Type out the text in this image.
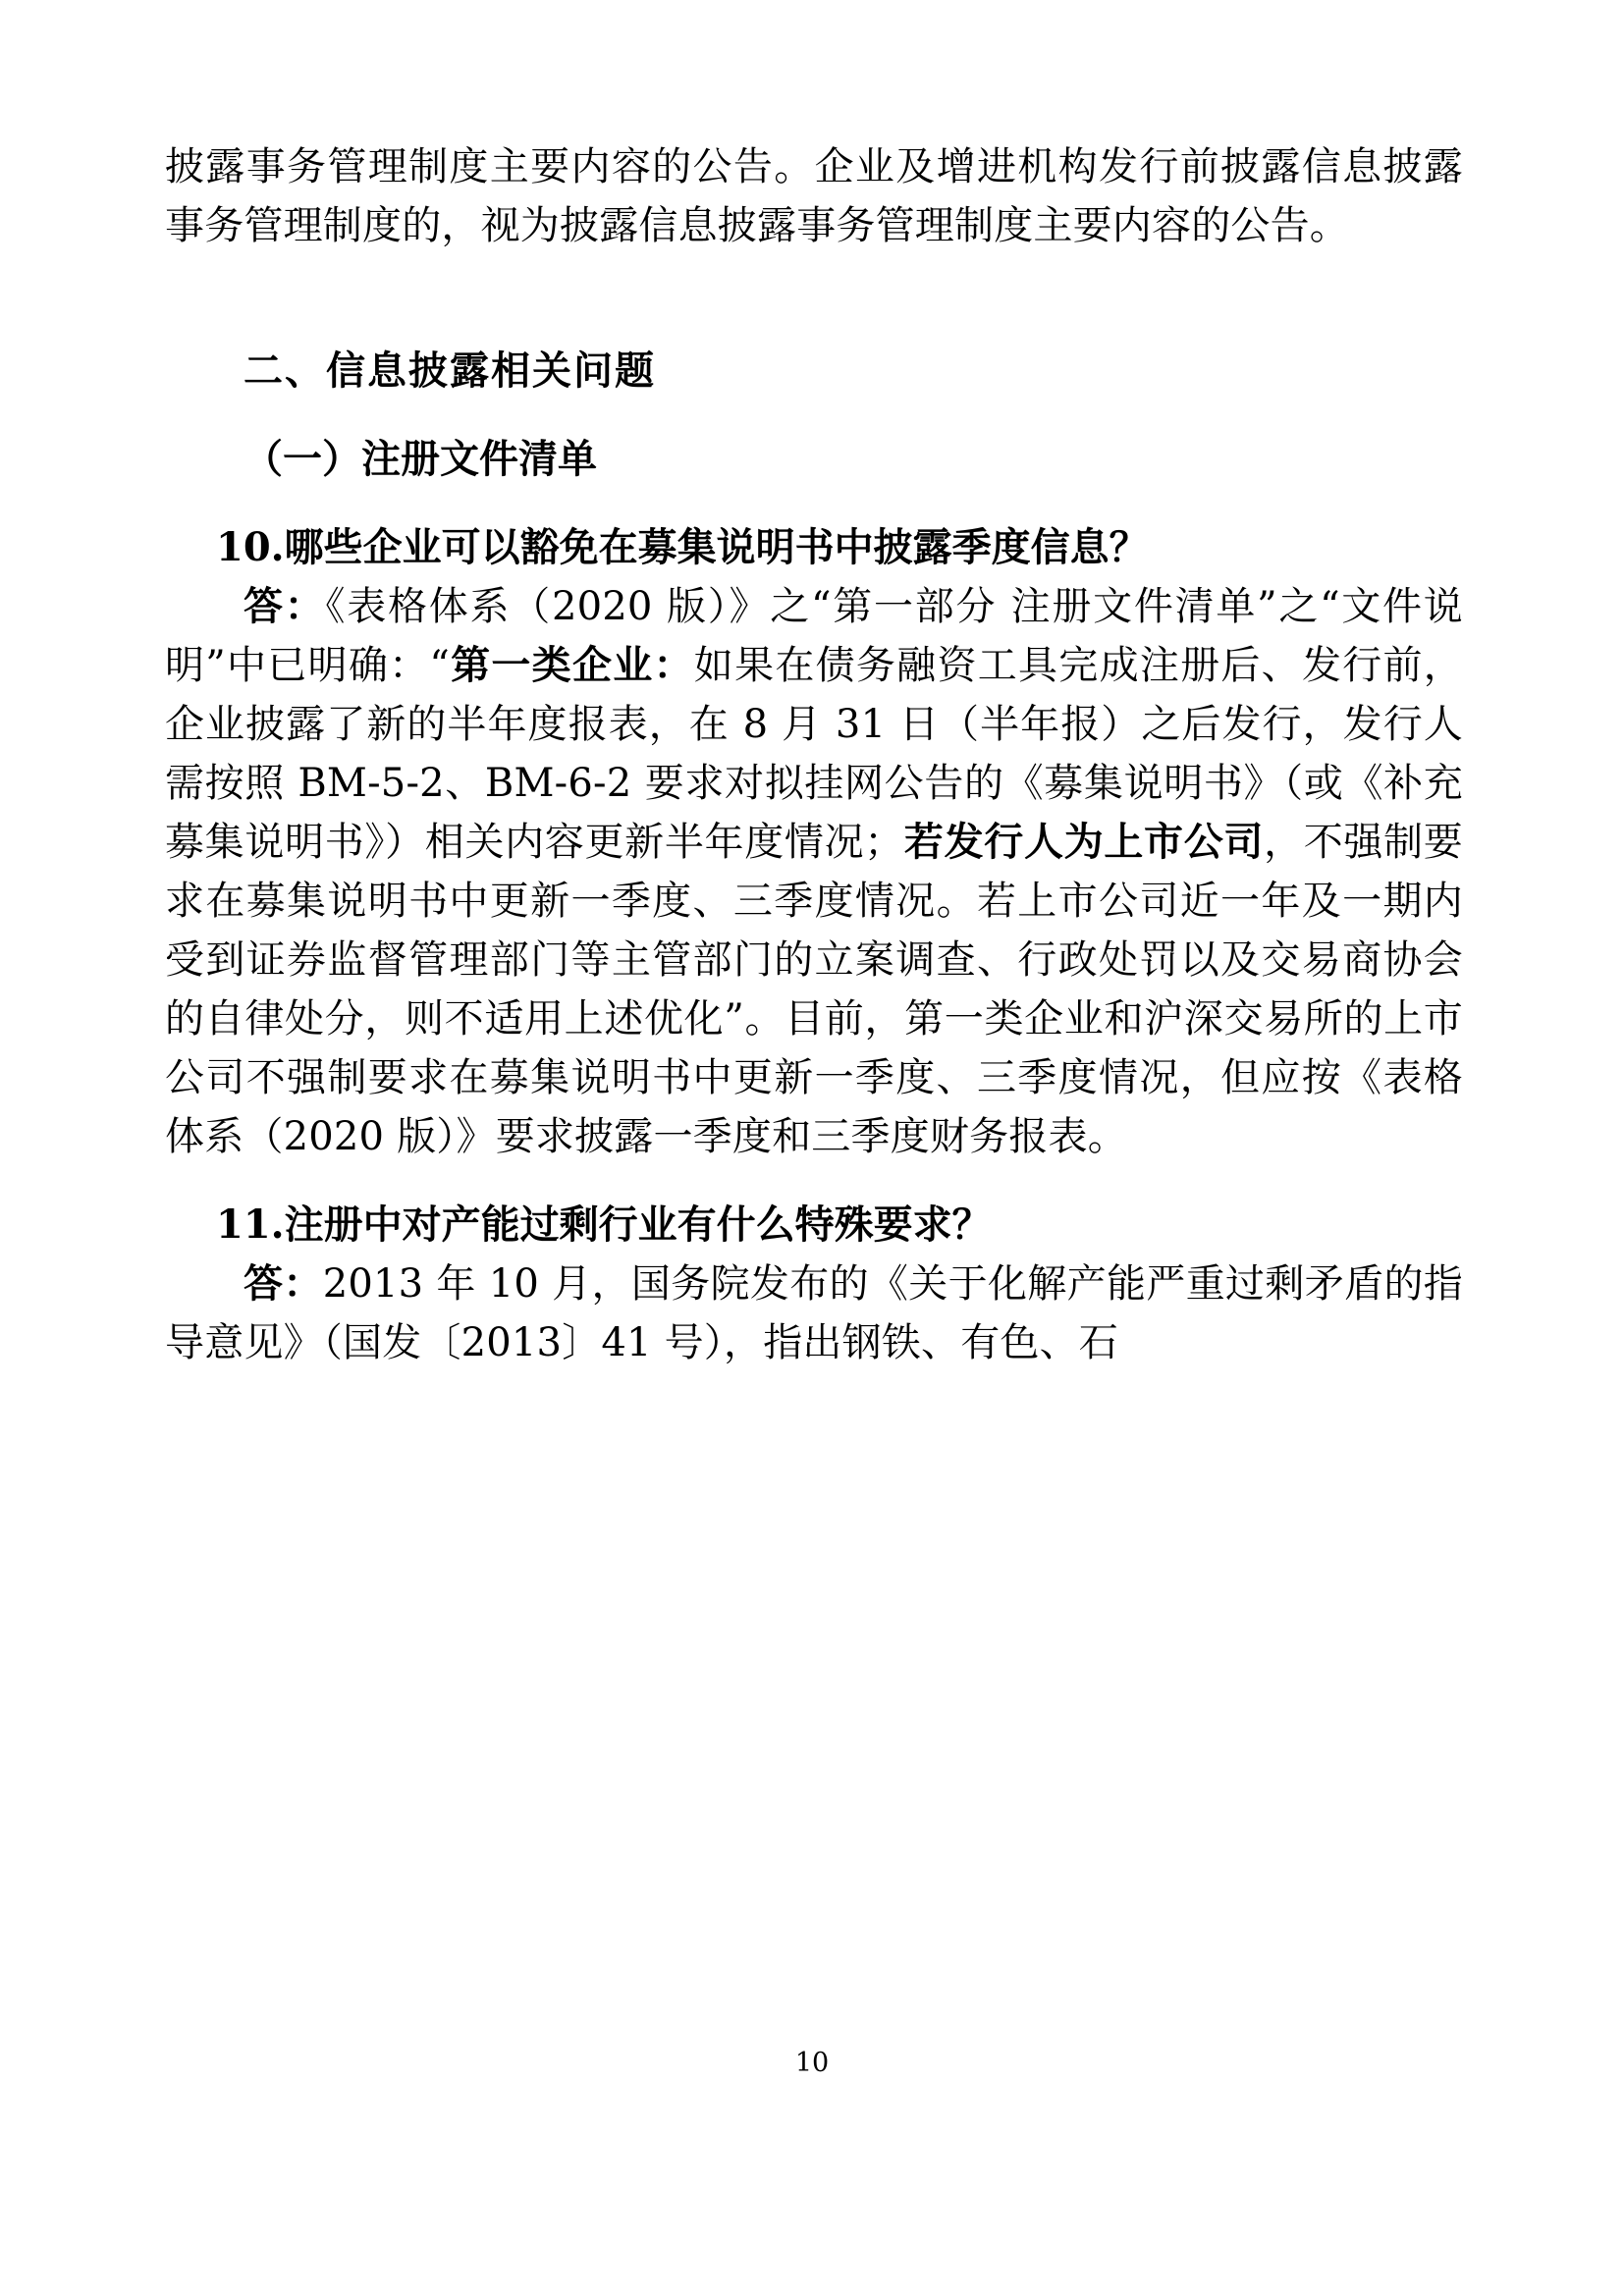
披露事务管理制度主要内容的公告。企业及增进机构发行前披露信息披露事务管理制度的，视为披露信息披露事务管理制度主要内容的公告。

二、信息披露相关问题

（一）注册文件清单

10.哪些企业可以豁免在募集说明书中披露季度信息？

答：《表格体系（2020 版）》之“第一部分 注册文件清单”之“文件说明”中已明确：“第一类企业：如果在债务融资工具完成注册后、发行前，企业披露了新的半年度报表，在 8 月 31 日（半年报）之后发行，发行人需按照 BM-5-2、BM-6-2 要求对拟挂网公告的《募集说明书》（或《补充募集说明书》）相关内容更新半年度情况；若发行人为上市公司，不强制要求在募集说明书中更新一季度、三季度情况。若上市公司近一年及一期内受到证券监督管理部门等主管部门的立案调查、行政处罚以及交易商协会的自律处分，则不适用上述优化”。目前，第一类企业和沪深交易所的上市公司不强制要求在募集说明书中更新一季度、三季度情况，但应按《表格体系（2020 版）》要求披露一季度和三季度财务报表。

11.注册中对产能过剩行业有什么特殊要求？

答：2013 年 10 月，国务院发布的《关于化解产能严重过剩矛盾的指导意见》（国发〔2013〕41 号），指出钢铁、有色、石

10
